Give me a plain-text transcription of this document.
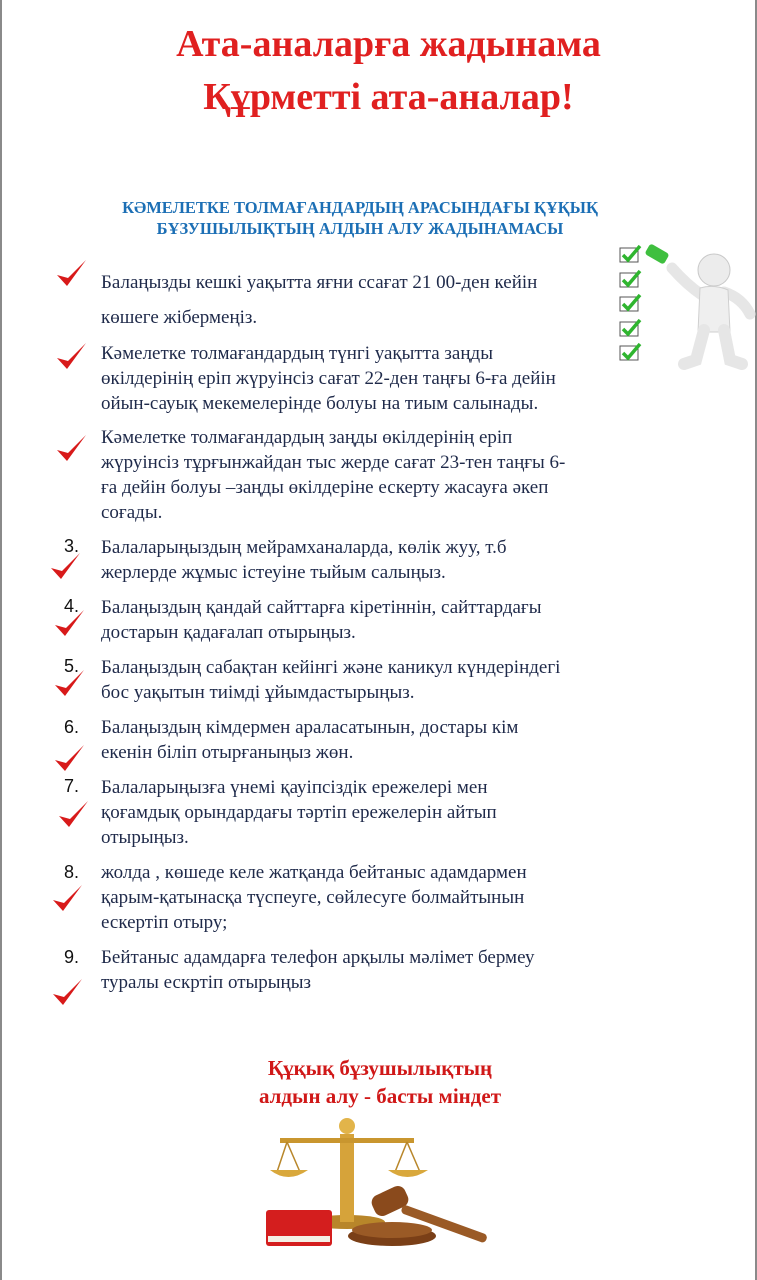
Ата-аналарға жадынама
Құрметті ата-аналар!
КӘМЕЛЕТКЕ ТОЛМАҒАНДАРДЫҢ АРАСЫНДАҒЫ ҚҰҚЫҚ
БҰЗУШЫЛЫҚТЫҢ АЛДЫН АЛУ ЖАДЫНАМАСЫ
Балаңызды кешкі уақытта яғни ссағат 21 00-ден кейін
көшеге жібермеңіз.
Кәмелетке толмағандардың түнгі уақытта заңды
өкілдерінің еріп жүруінсіз сағат 22-ден таңғы 6-ға дейін
ойын-сауық мекемелерінде болуы на тиым салынады.
Кәмелетке толмағандардың заңды өкілдерінің еріп
жүруінсіз тұрғынжайдан тыс жерде сағат 23-тен таңғы 6-
ға дейін болуы –заңды өкілдеріне ескерту жасауға әкеп
соғады.
3. Балаларыңыздың мейрамханаларда, көлік жуу, т.б
жерлерде жұмыс істеуіне тыйым салыңыз.
4. Балаңыздың қандай сайттарға кіретіннін, сайттардағы
достарын қадағалап отырыңыз.
5. Балаңыздың сабақтан кейінгі және каникул күндеріндегі
бос уақытын тиімді ұйымдастырыңыз.
6. Балаңыздың кімдермен араласатынын, достары кім
екенін біліп отырғаныңыз жөн.
7. Балаларыңызға үнемі қауіпсіздік ережелері мен
қоғамдық орындардағы тәртіп ережелерін айтып
отырыңыз.
8. жолда , көшеде келе жатқанда бейтаныс адамдармен
қарым-қатынасқа түспеуге, сөйлесуге болмайтынын
ескертіп отыру;
9. Бейтаныс адамдарға телефон арқылы мәлімет бермеу
туралы ескртіп отырыңыз
Құқық бұзушылықтың
алдын алу - басты міндет
